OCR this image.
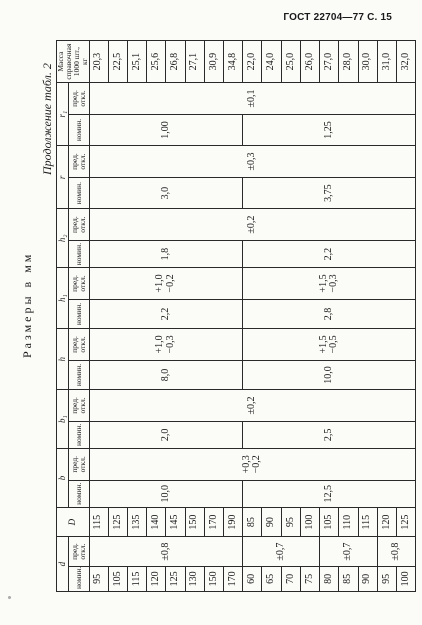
ГОСТ 22704—77 С. 15
Продолжение табл. 2
Размеры в мм
d		D	b		b₁		h		h₁		h₂		r		r₁		Масса справочная 1000 шт., кг
номин.	пред. откл.		номин.	пред. откл.	номин.	пред. откл.	номин.	пред. откл.	номин.	пред. откл.	номин.	пред. откл.	номин.	пред. откл.	номин.	пред. откл.	
95	±0,8	115	10,0	+0,3 −0,2	2,0	±0,2	8,0	+1,0 −0,3	2,2	+1,0 −0,2	1,8	±0,2	3,0	±0,3	1,00	±0,1	20,3
105		125															22,5
115		135															25,1
120		140															25,6
125		145															26,8
130		150															27,1
150		170															30,9
170		190															34,8
60	±0,7	85	12,5		2,5		10,0	+1,5 −0,5	2,8	+1,5 −0,3	2,2		3,75		1,25		22,0
65		90															24,0
70		95															25,0
75		100															26,0
80	±0,7	105															27,0
85		110															28,0
90		115															30,0
95	±0,8	120															31,0
100		125															32,0
